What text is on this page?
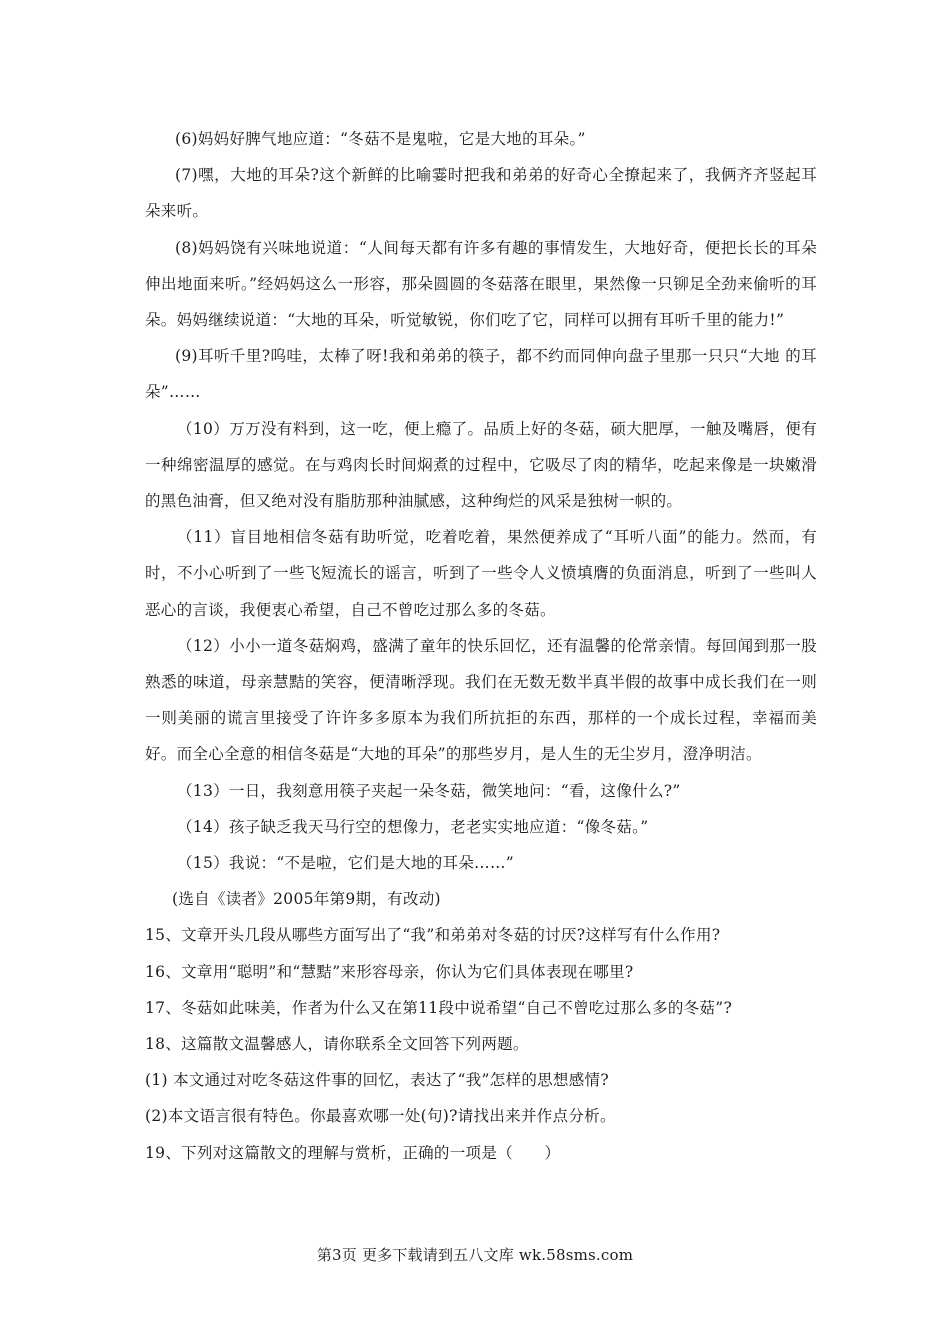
(6)妈妈好脾气地应道：“冬菇不是鬼啦，它是大地的耳朵。”

(7)嘿，大地的耳朵?这个新鲜的比喻霎时把我和弟弟的好奇心全撩起来了，我俩齐齐竖起耳朵来听。

(8)妈妈饶有兴味地说道：“人间每天都有许多有趣的事情发生，大地好奇，便把长长的耳朵伸出地面来听。”经妈妈这么一形容，那朵圆圆的冬菇落在眼里，果然像一只铆足全劲来偷听的耳朵。妈妈继续说道：“大地的耳朵，听觉敏锐，你们吃了它，同样可以拥有耳听千里的能力!”

(9)耳听千里?呜哇，太棒了呀!我和弟弟的筷子，都不约而同伸向盘子里那一只只“大地 的耳朵”……

（10）万万没有料到，这一吃，便上瘾了。品质上好的冬菇，硕大肥厚，一触及嘴唇，便有一种绵密温厚的感觉。在与鸡肉长时间焖煮的过程中，它吸尽了肉的精华，吃起来像是一块嫩滑的黑色油膏，但又绝对没有脂肪那种油腻感，这种绚烂的风采是独树一帜的。

（11）盲目地相信冬菇有助听觉，吃着吃着，果然便养成了“耳听八面”的能力。然而，有时，不小心听到了一些飞短流长的谣言，听到了一些令人义愤填膺的负面消息，听到了一些叫人恶心的言谈，我便衷心希望，自己不曾吃过那么多的冬菇。

（12）小小一道冬菇焖鸡，盛满了童年的快乐回忆，还有温馨的伦常亲情。每回闻到那一股熟悉的味道，母亲慧黠的笑容，便清晰浮现。我们在无数无数半真半假的故事中成长我们在一则一则美丽的谎言里接受了许许多多原本为我们所抗拒的东西，那样的一个成长过程，幸福而美好。而全心全意的相信冬菇是“大地的耳朵”的那些岁月，是人生的无尘岁月，澄净明洁。

（13）一日，我刻意用筷子夹起一朵冬菇，微笑地问：“看，这像什么?”

（14）孩子缺乏我天马行空的想像力，老老实实地应道：“像冬菇。”

（15）我说：“不是啦，它们是大地的耳朵……”

(选自《读者》2005年第9期，有改动)

15、文章开头几段从哪些方面写出了“我”和弟弟对冬菇的讨厌?这样写有什么作用?

16、文章用“聪明”和“慧黠”来形容母亲，你认为它们具体表现在哪里?

17、冬菇如此味美，作者为什么又在第11段中说希望“自己不曾吃过那么多的冬菇”?

18、这篇散文温馨感人，请你联系全文回答下列两题。

(1) 本文通过对吃冬菇这件事的回忆，表达了“我”怎样的思想感情?

(2)本文语言很有特色。你最喜欢哪一处(句)?请找出来并作点分析。

19、下列对这篇散文的理解与赏析，正确的一项是（　　）

第3页 更多下载请到五八文库 wk.58sms.com
